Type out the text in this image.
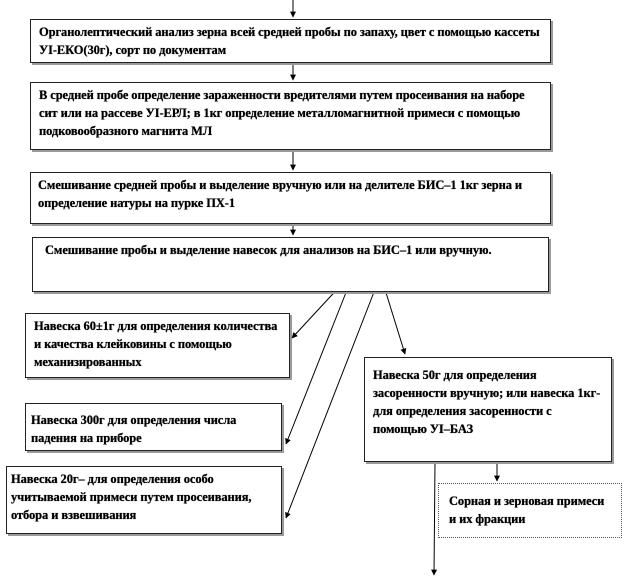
Органолептический анализ зерна всей средней пробы по запаху, цвет с помощью кассеты УI-ЕКО(30г), сорт по документам
В средней пробе определение зараженности вредителями путем просеивания на наборе сит или на рассеве УI-ЕРЛ; в 1кг определение металломагнитной примеси с помощью подковообразного магнита МЛ
Смешивание средней пробы и выделение вручную или на делителе БИС–1 1кг зерна и определение натуры на пурке ПХ-1
Смешивание пробы и выделение навесок для анализов на БИС–1 или вручную.
Навеска 60±1г для определения количества и качества клейковины с помощью механизированных
Навеска 300г для определения числа падения на приборе
Навеска 20г– для определения особо учитываемой примеси путем просеивания, отбора и взвешивания
Навеска 50г для определения засоренности вручную; или навеска 1кг-для определения засоренности с помощью УI–БАЗ
Сорная и зерновая примеси и их фракции
